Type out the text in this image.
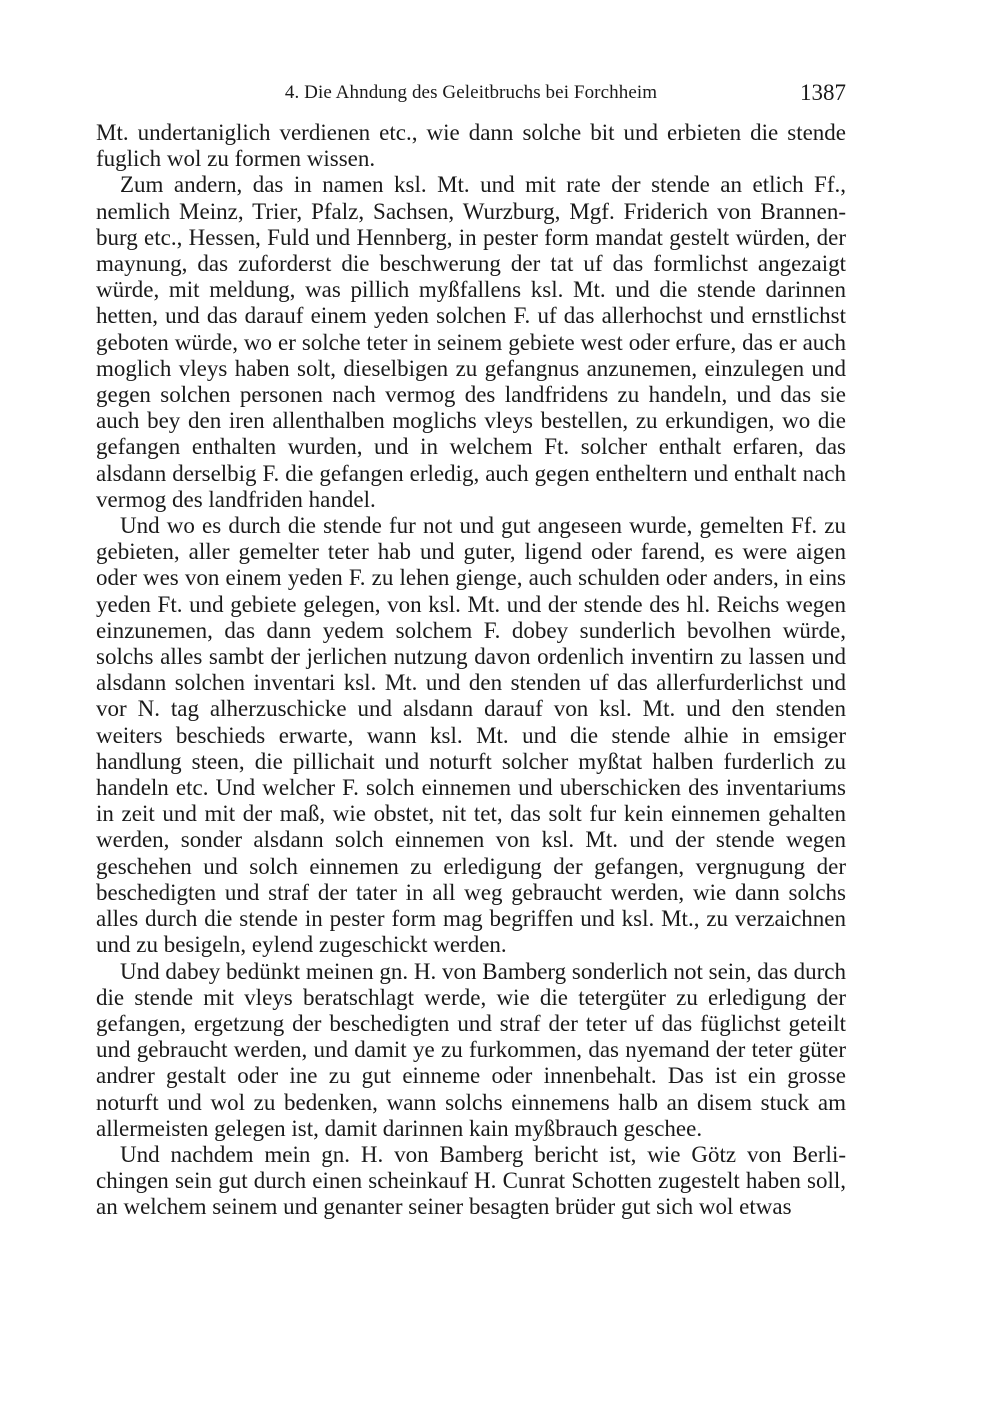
4. Die Ahndung des Geleitbruchs bei Forchheim	1387

Mt. undertaniglich verdienen etc., wie dann solche bit und erbieten die stende fuglich wol zu formen wissen.

Zum andern, das in namen ksl. Mt. und mit rate der stende an etlich Ff., nemlich Meinz, Trier, Pfalz, Sachsen, Wurzburg, Mgf. Friderich von Brannenburg etc., Hessen, Fuld und Hennberg, in pester form mandat gestelt würden, der maynung, das zuforderst die beschwerung der tat uf das formlichst angezaigt würde, mit meldung, was pillich myßfallens ksl. Mt. und die stende darinnen hetten, und das darauf einem yeden solchen F. uf das allerhochst und ernstlichst geboten würde, wo er solche teter in seinem gebiete west oder erfure, das er auch moglich vleys haben solt, dieselbigen zu gefangnus anzunemen, einzulegen und gegen solchen personen nach vermog des landfridens zu handeln, und das sie auch bey den iren allenthalben moglichs vleys bestellen, zu erkundigen, wo die gefangen enthalten wurden, und in welchem Ft. solcher enthalt erfaren, das alsdann derselbig F. die gefangen erledig, auch gegen entheltern und enthalt nach vermog des landfriden handel.

Und wo es durch die stende fur not und gut angeseen wurde, gemelten Ff. zu gebieten, aller gemelter teter hab und guter, ligend oder farend, es were aigen oder wes von einem yeden F. zu lehen gienge, auch schulden oder anders, in eins yeden Ft. und gebiete gelegen, von ksl. Mt. und der stende des hl. Reichs wegen einzunemen, das dann yedem solchem F. dobey sunderlich bevolhen würde, solchs alles sambt der jerlichen nutzung davon ordenlich inventirn zu lassen und alsdann solchen inventari ksl. Mt. und den stenden uf das allerfurderlichst und vor N. tag alherzuschicke und alsdann darauf von ksl. Mt. und den stenden weiters beschieds erwarte, wann ksl. Mt. und die stende alhie in emsiger handlung steen, die pillichait und noturft solcher myßtat halben furderlich zu handeln etc. Und welcher F. solch einnemen und uberschicken des inventariums in zeit und mit der maß, wie obstet, nit tet, das solt fur kein einnemen gehalten werden, sonder alsdann solch einnemen von ksl. Mt. und der stende wegen geschehen und solch einnemen zu erledigung der gefangen, vergnugung der beschedigten und straf der tater in all weg gebraucht werden, wie dann solchs alles durch die stende in pester form mag begriffen und ksl. Mt., zu verzaichnen und zu besigeln, eylend zugeschickt werden.

Und dabey bedünkt meinen gn. H. von Bamberg sonderlich not sein, das durch die stende mit vleys beratschlagt werde, wie die tetergüter zu erledigung der gefangen, ergetzung der beschedigten und straf der teter uf das füglichst geteilt und gebraucht werden, und damit ye zu furkommen, das nyemand der teter güter andrer gestalt oder ine zu gut einneme oder innenbehalt. Das ist ein grosse noturft und wol zu bedenken, wann solchs einnemens halb an disem stuck am allermeisten gelegen ist, damit darinnen kain myßbrauch geschee.

Und nachdem mein gn. H. von Bamberg bericht ist, wie Götz von Berlichingen sein gut durch einen scheinkauf H. Cunrat Schotten zugestelt haben soll, an welchem seinem und genanter seiner besagten brüder gut sich wol etwas
